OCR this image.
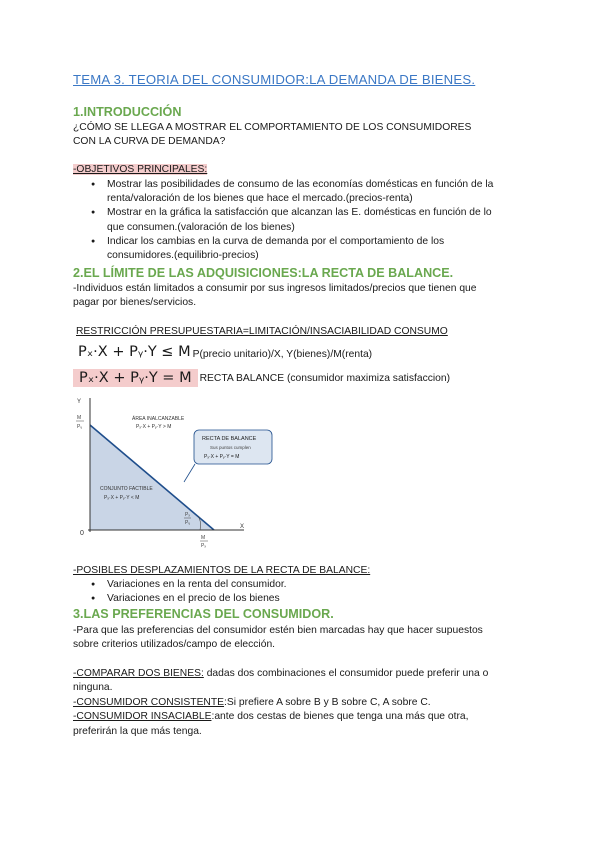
TEMA 3. TEORIA DEL CONSUMIDOR:LA DEMANDA DE BIENES.
1.INTRODUCCIÓN
¿CÓMO SE LLEGA A MOSTRAR EL COMPORTAMIENTO DE LOS CONSUMIDORES
CON LA CURVA DE DEMANDA?
-OBJETIVOS PRINCIPALES:
● Mostrar las posibilidades de consumo de las economías domésticas en función de la
renta/valoración de los bienes que hace el mercado.(precios-renta)
● Mostrar en la gráfica la satisfacción que alcanzan las E. domésticas en función de lo
que consumen.(valoración de los bienes)
● Indicar los cambias en la curva de demanda por el comportamiento de los
consumidores.(equilibrio-precios)
2.EL LÍMITE DE LAS ADQUISICIONES:LA RECTA DE BALANCE.
-Individuos están limitados a consumir por sus ingresos limitados/precios que tienen que
pagar por bienes/servicios.
RESTRICCIÓN PRESUPUESTARIA=LIMITACIÓN/INSACIABILIDAD CONSUMO
Pₓ·X + Pᵧ·Y ≤ M P(precio unitario)/X, Y(bienes)/M(renta)
Pₓ·X + Pᵧ·Y = M RECTA BALANCE (consumidor maximiza satisfaccion)
Y
X
0
M
Pᵧ
M
Pₓ
Pₓ
Pᵧ
ÁREA INALCANZABLE
Pₓ·X + Pᵧ·Y > M
CONJUNTO FACTIBLE
Pₓ·X + Pᵧ·Y < M
RECTA DE BALANCE
Sus puntos cumplen
Pₓ·X + Pᵧ·Y = M
-POSIBLES DESPLAZAMIENTOS DE LA RECTA DE BALANCE:
● Variaciones en la renta del consumidor.
● Variaciones en el precio de los bienes
3.LAS PREFERENCIAS DEL CONSUMIDOR.
-Para que las preferencias del consumidor estén bien marcadas hay que hacer supuestos
sobre criterios utilizados/campo de elección.
-COMPARAR DOS BIENES: dadas dos combinaciones el consumidor puede preferir una o
ninguna.
-CONSUMIDOR CONSISTENTE:Si prefiere A sobre B y B sobre C, A sobre C.
-CONSUMIDOR INSACIABLE:ante dos cestas de bienes que tenga una más que otra,
preferirán la que más tenga.
